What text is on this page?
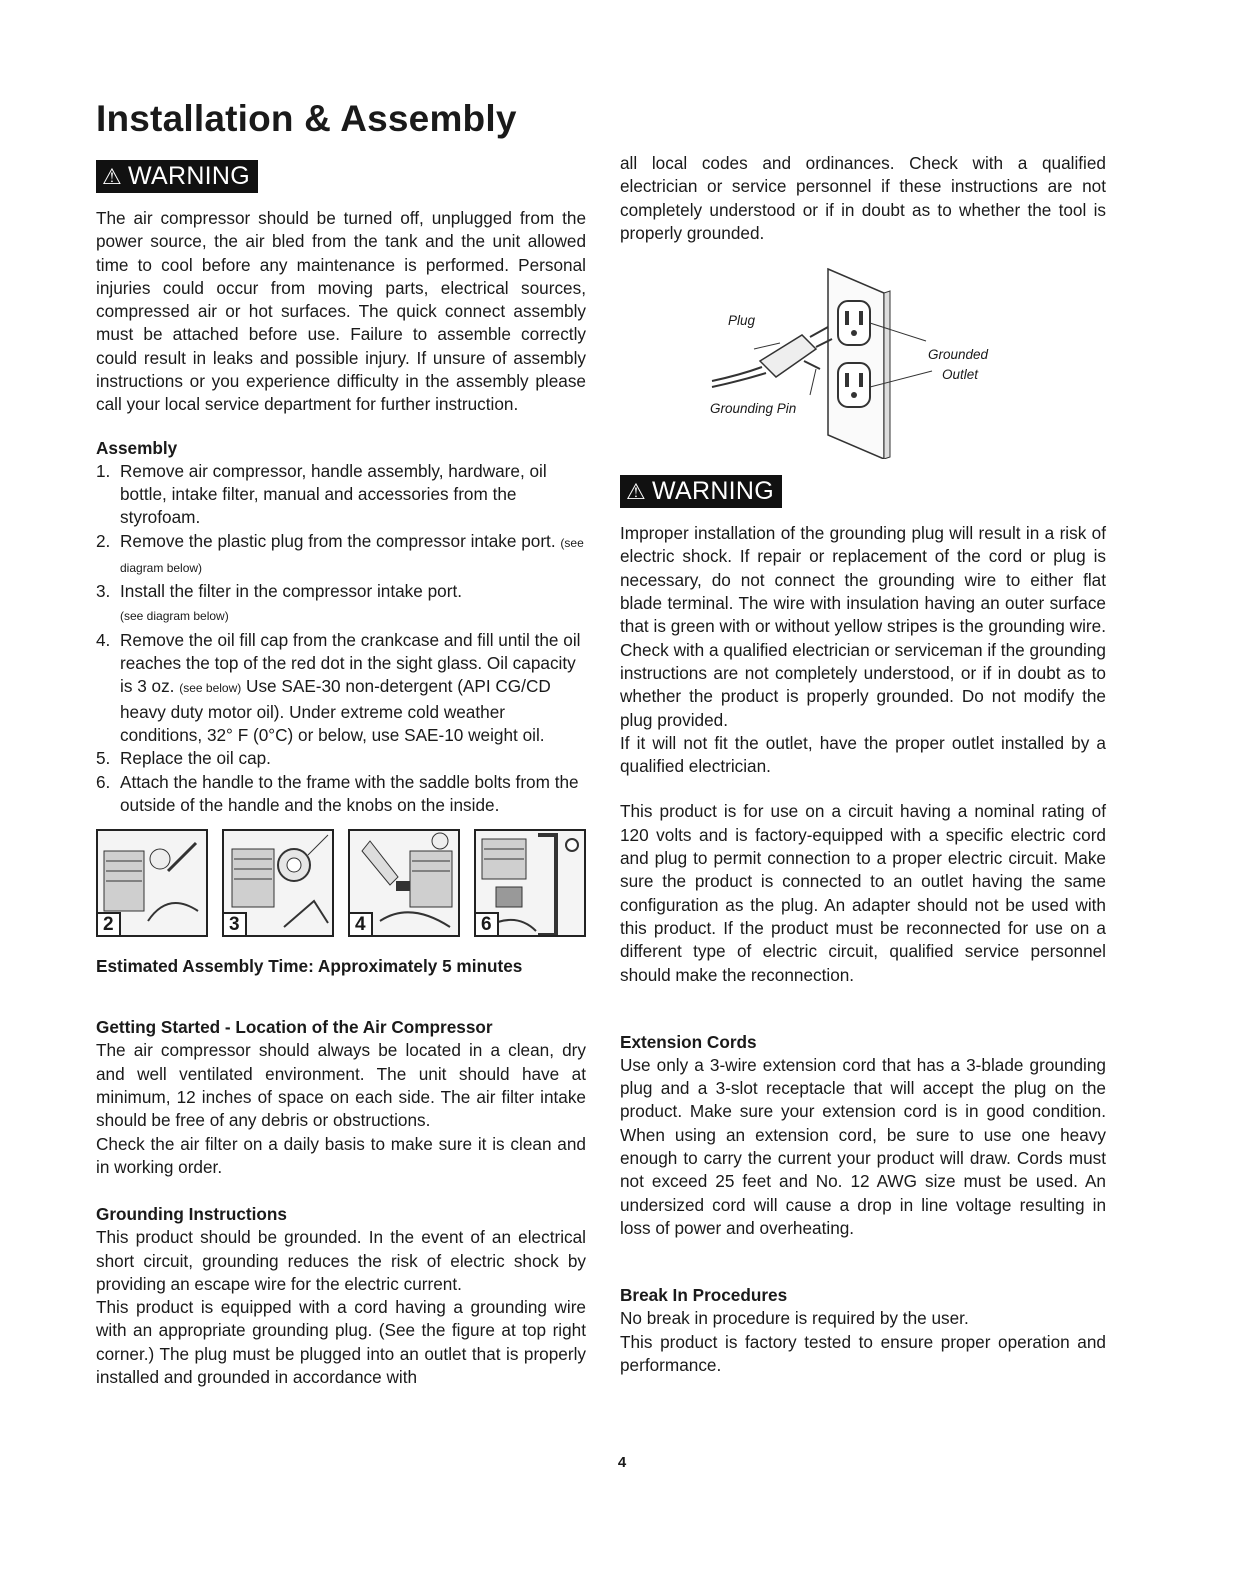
Installation & Assembly
⚠ WARNING

The air compressor should be turned off, unplugged from the power source, the air bled from the tank and the unit allowed time to cool before any maintenance is performed. Personal injuries could occur from moving parts, electrical sources, compressed air or hot surfaces. The quick connect assembly must be attached before use. Failure to assemble correctly could result in leaks and possible injury. If unsure of assembly instructions or you experience difficulty in the assembly please call your local service department for further instruction.

Assembly
1. Remove air compressor, handle assembly, hardware, oil bottle, intake filter, manual and accessories from the styrofoam.
2. Remove the plastic plug from the compressor intake port. (see diagram below)
3. Install the filter in the compressor intake port.
(see diagram below)
4. Remove the oil fill cap from the crankcase and fill until the oil reaches the top of the red dot in the sight glass. Oil capacity is 3 oz. (see below) Use SAE-30 non-detergent (API CG/CD heavy duty motor oil). Under extreme cold weather conditions, 32° F (0°C) or below, use SAE-10 weight oil.
5. Replace the oil cap.
6. Attach the handle to the frame with the saddle bolts from the outside of the handle and the knobs on the inside.
2	3	4	6

Estimated Assembly Time: Approximately 5 minutes

Getting Started - Location of the Air Compressor

The air compressor should always be located in a clean, dry and well ventilated environment. The unit should have at minimum, 12 inches of space on each side. The air filter intake should be free of any debris or obstructions.

Check the air filter on a daily basis to make sure it is clean and in working order.

Grounding Instructions

This product should be grounded. In the event of an electrical short circuit, grounding reduces the risk of electric shock by providing an escape wire for the electric current.

This product is equipped with a cord having a grounding wire with an appropriate grounding plug. (See the figure at top right corner.) The plug must be plugged into an outlet that is properly installed and grounded in accordance with

all local codes and ordinances. Check with a qualified electrician or service personnel if these instructions are not completely understood or if in doubt as to whether the tool is properly grounded.

Plug
Grounded
Outlet
Grounding Pin
⚠ WARNING

Improper installation of the grounding plug will result in a risk of electric shock. If repair or replacement of the cord or plug is necessary, do not connect the grounding wire to either flat blade terminal. The wire with insulation having an outer surface that is green with or without yellow stripes is the grounding wire. Check with a qualified electrician or serviceman if the grounding instructions are not completely understood, or if in doubt as to whether the product is properly grounded. Do not modify the plug provided.

If it will not fit the outlet, have the proper outlet installed by a qualified electrician.

This product is for use on a circuit having a nominal rating of 120 volts and is factory-equipped with a specific electric cord and plug to permit connection to a proper electric circuit. Make sure the product is connected to an outlet having the same configuration as the plug. An adapter should not be used with this product. If the product must be reconnected for use on a different type of electric circuit, qualified service personnel should make the reconnection.

Extension Cords

Use only a 3-wire extension cord that has a 3-blade grounding plug and a 3-slot receptacle that will accept the plug on the product. Make sure your extension cord is in good condition. When using an extension cord, be sure to use one heavy enough to carry the current your product will draw. Cords must not exceed 25 feet and No. 12 AWG size must be used. An undersized cord will cause a drop in line voltage resulting in loss of power and overheating.

Break In Procedures

No break in procedure is required by the user.

This product is factory tested to ensure proper operation and performance.

4
